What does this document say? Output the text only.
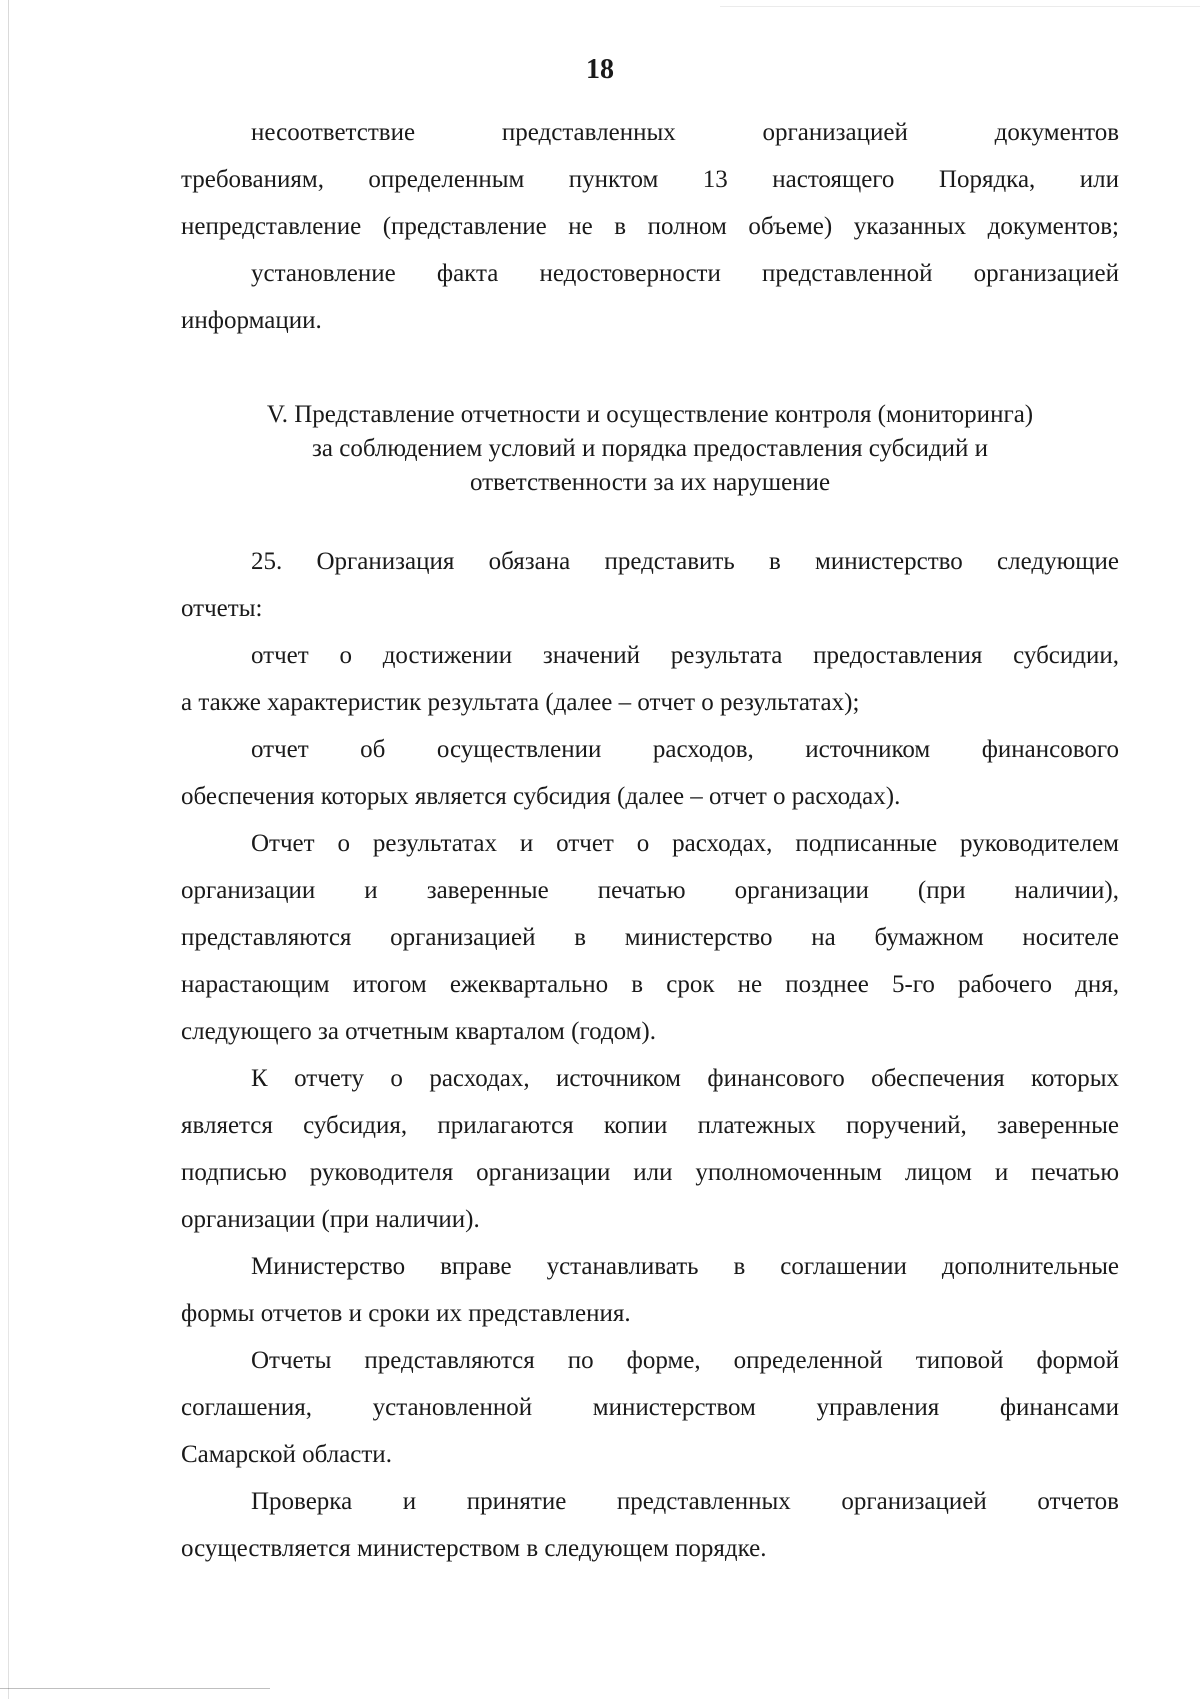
18
несоответствие представленных организацией документов
требованиям, определенным пунктом 13 настоящего Порядка, или
непредставление (представление не в полном объеме) указанных документов;
установление факта недостоверности представленной организацией
информации.
V. Представление отчетности и осуществление контроля (мониторинга)
за соблюдением условий и порядка предоставления субсидий и
ответственности за их нарушение
25. Организация обязана представить в министерство следующие
отчеты:
отчет о достижении значений результата предоставления субсидии,
а также характеристик результата (далее – отчет о результатах);
отчет об осуществлении расходов, источником финансового
обеспечения которых является субсидия (далее – отчет о расходах).
Отчет о результатах и отчет о расходах, подписанные руководителем
организации и заверенные печатью организации (при наличии),
представляются организацией в министерство на бумажном носителе
нарастающим итогом ежеквартально в срок не позднее 5-го рабочего дня,
следующего за отчетным кварталом (годом).
К отчету о расходах, источником финансового обеспечения которых
является субсидия, прилагаются копии платежных поручений, заверенные
подписью руководителя организации или уполномоченным лицом и печатью
организации (при наличии).
Министерство вправе устанавливать в соглашении дополнительные
формы отчетов и сроки их представления.
Отчеты представляются по форме, определенной типовой формой
соглашения, установленной министерством управления финансами
Самарской области.
Проверка и принятие представленных организацией отчетов
осуществляется министерством в следующем порядке.
